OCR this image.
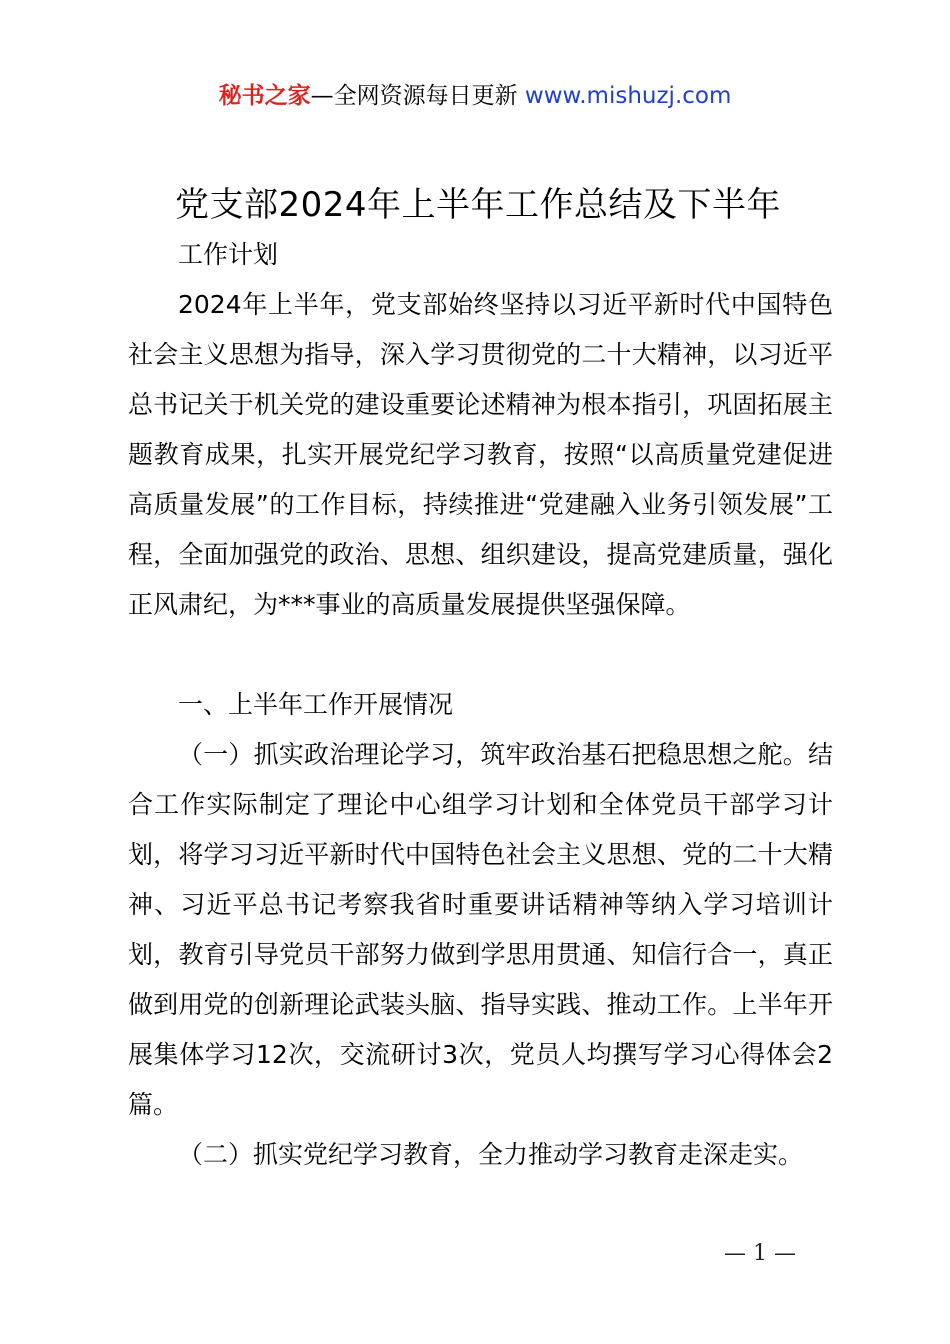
秘书之家—全网资源每日更新 www.mishuzj.com
党支部2024年上半年工作总结及下半年
工作计划
2024年上半年，党支部始终坚持以习近平新时代中国特色社会主义思想为指导，深入学习贯彻党的二十大精神，以习近平总书记关于机关党的建设重要论述精神为根本指引，巩固拓展主题教育成果，扎实开展党纪学习教育，按照“以高质量党建促进高质量发展”的工作目标，持续推进“党建融入业务引领发展”工程，全面加强党的政治、思想、组织建设，提高党建质量，强化正风肃纪，为***事业的高质量发展提供坚强保障。
一、上半年工作开展情况
（一）抓实政治理论学习，筑牢政治基石把稳思想之舵。结合工作实际制定了理论中心组学习计划和全体党员干部学习计划，将学习习近平新时代中国特色社会主义思想、党的二十大精神、习近平总书记考察我省时重要讲话精神等纳入学习培训计划，教育引导党员干部努力做到学思用贯通、知信行合一，真正做到用党的创新理论武装头脑、指导实践、推动工作。上半年开展集体学习12次，交流研讨3次，党员人均撰写学习心得体会2篇。
（二）抓实党纪学习教育，全力推动学习教育走深走实。
— 1 —
